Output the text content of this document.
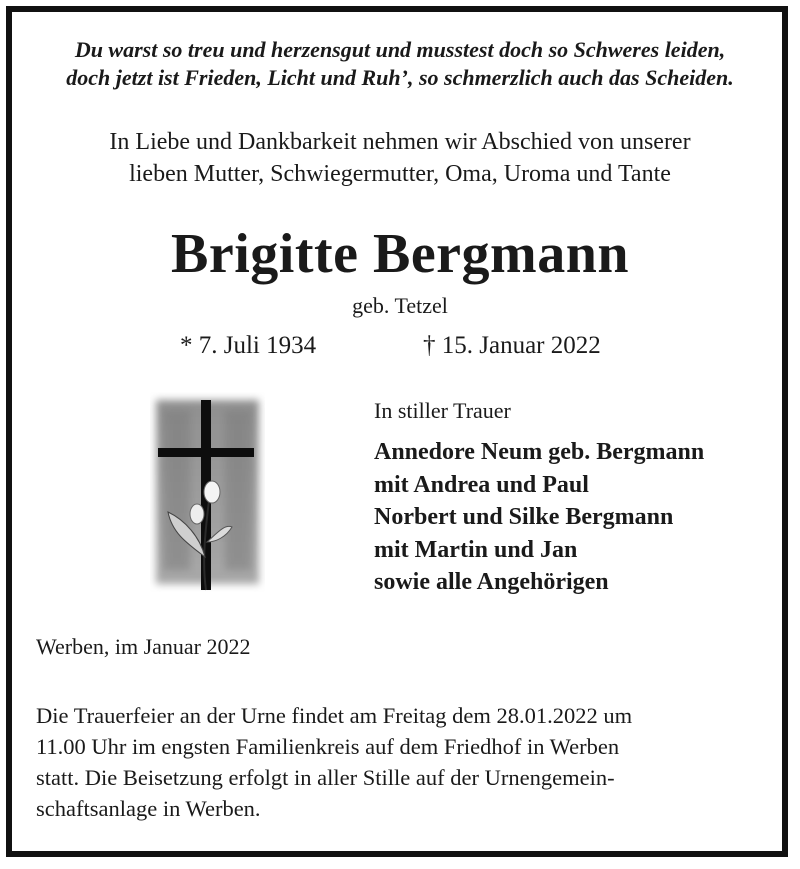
Du warst so treu und herzensgut und musstest doch so Schweres leiden,
doch jetzt ist Frieden, Licht und Ruh’, so schmerzlich auch das Scheiden.
In Liebe und Dankbarkeit nehmen wir Abschied von unserer
lieben Mutter, Schwiegermutter, Oma, Uroma und Tante
Brigitte Bergmann
geb. Tetzel
* 7. Juli 1934	† 15. Januar 2022
In stiller Trauer
Annedore Neum geb. Bergmann
mit Andrea und Paul
Norbert und Silke Bergmann
mit Martin und Jan
sowie alle Angehörigen
Werben, im Januar 2022
Die Trauerfeier an der Urne findet am Freitag dem 28.01.2022 um
11.00 Uhr im engsten Familienkreis auf dem Friedhof in Werben
statt. Die Beisetzung erfolgt in aller Stille auf der Urnengemein-
schaftsanlage in Werben.
